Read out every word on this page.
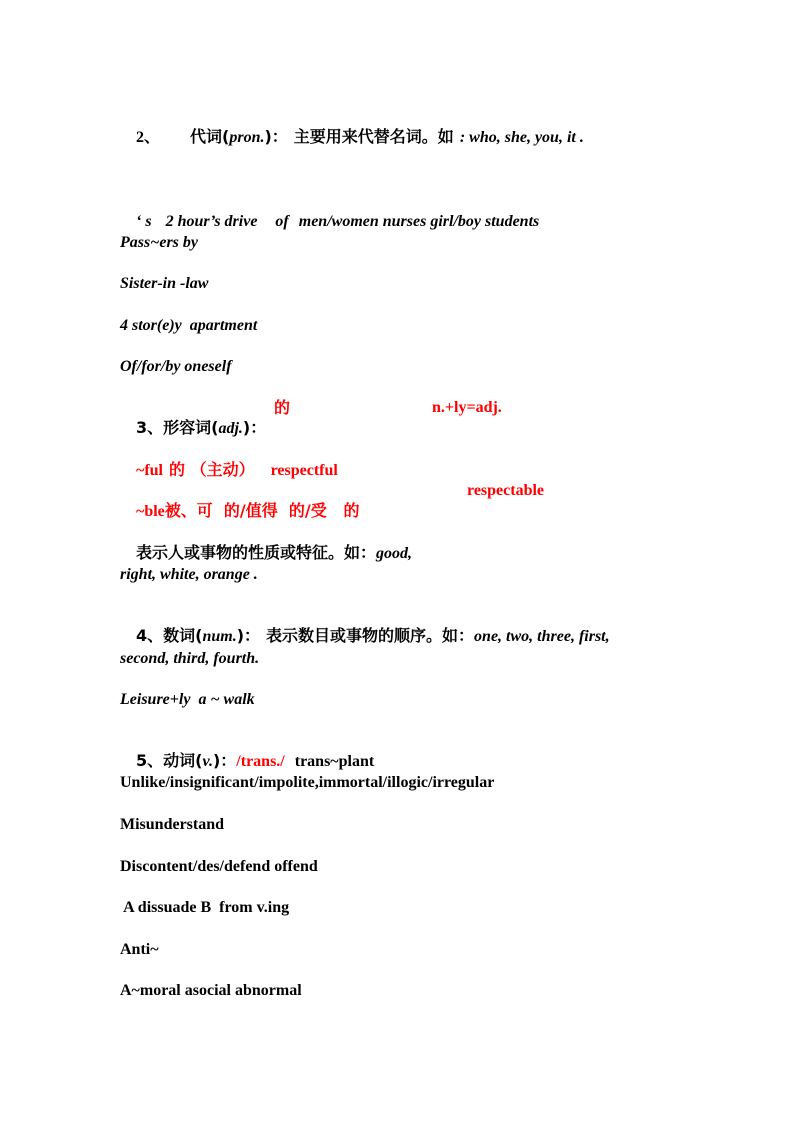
2、 代词(pron.)： 主要用来代替名词。如 : who, she, you, it .

‘ s 2 hour’s drive of men/women nurses girl/boy students

Pass~ers by
Sister-in -law
4 stor(e)y  apartment
Of/for/by oneself

3、形容词(adj.)：

的	n.+ly=adj.

~ful 的 （主动） respectful

~ble被、可  的/值得  的/受   的

respectable

表示人或事物的性质或特征。如：good,

right, white, orange .

4、数词(num.)： 表示数目或事物的顺序。如：one, two, three, first,

second, third, fourth.
Leisure+ly  a ~ walk

5、动词(v.)：/trans./ trans~plant

Unlike/insignificant/impolite,immortal/illogic/irregular
Misunderstand
Discontent/des/defend offend
A dissuade B  from v.ing
Anti~
A~moral asocial abnormal
